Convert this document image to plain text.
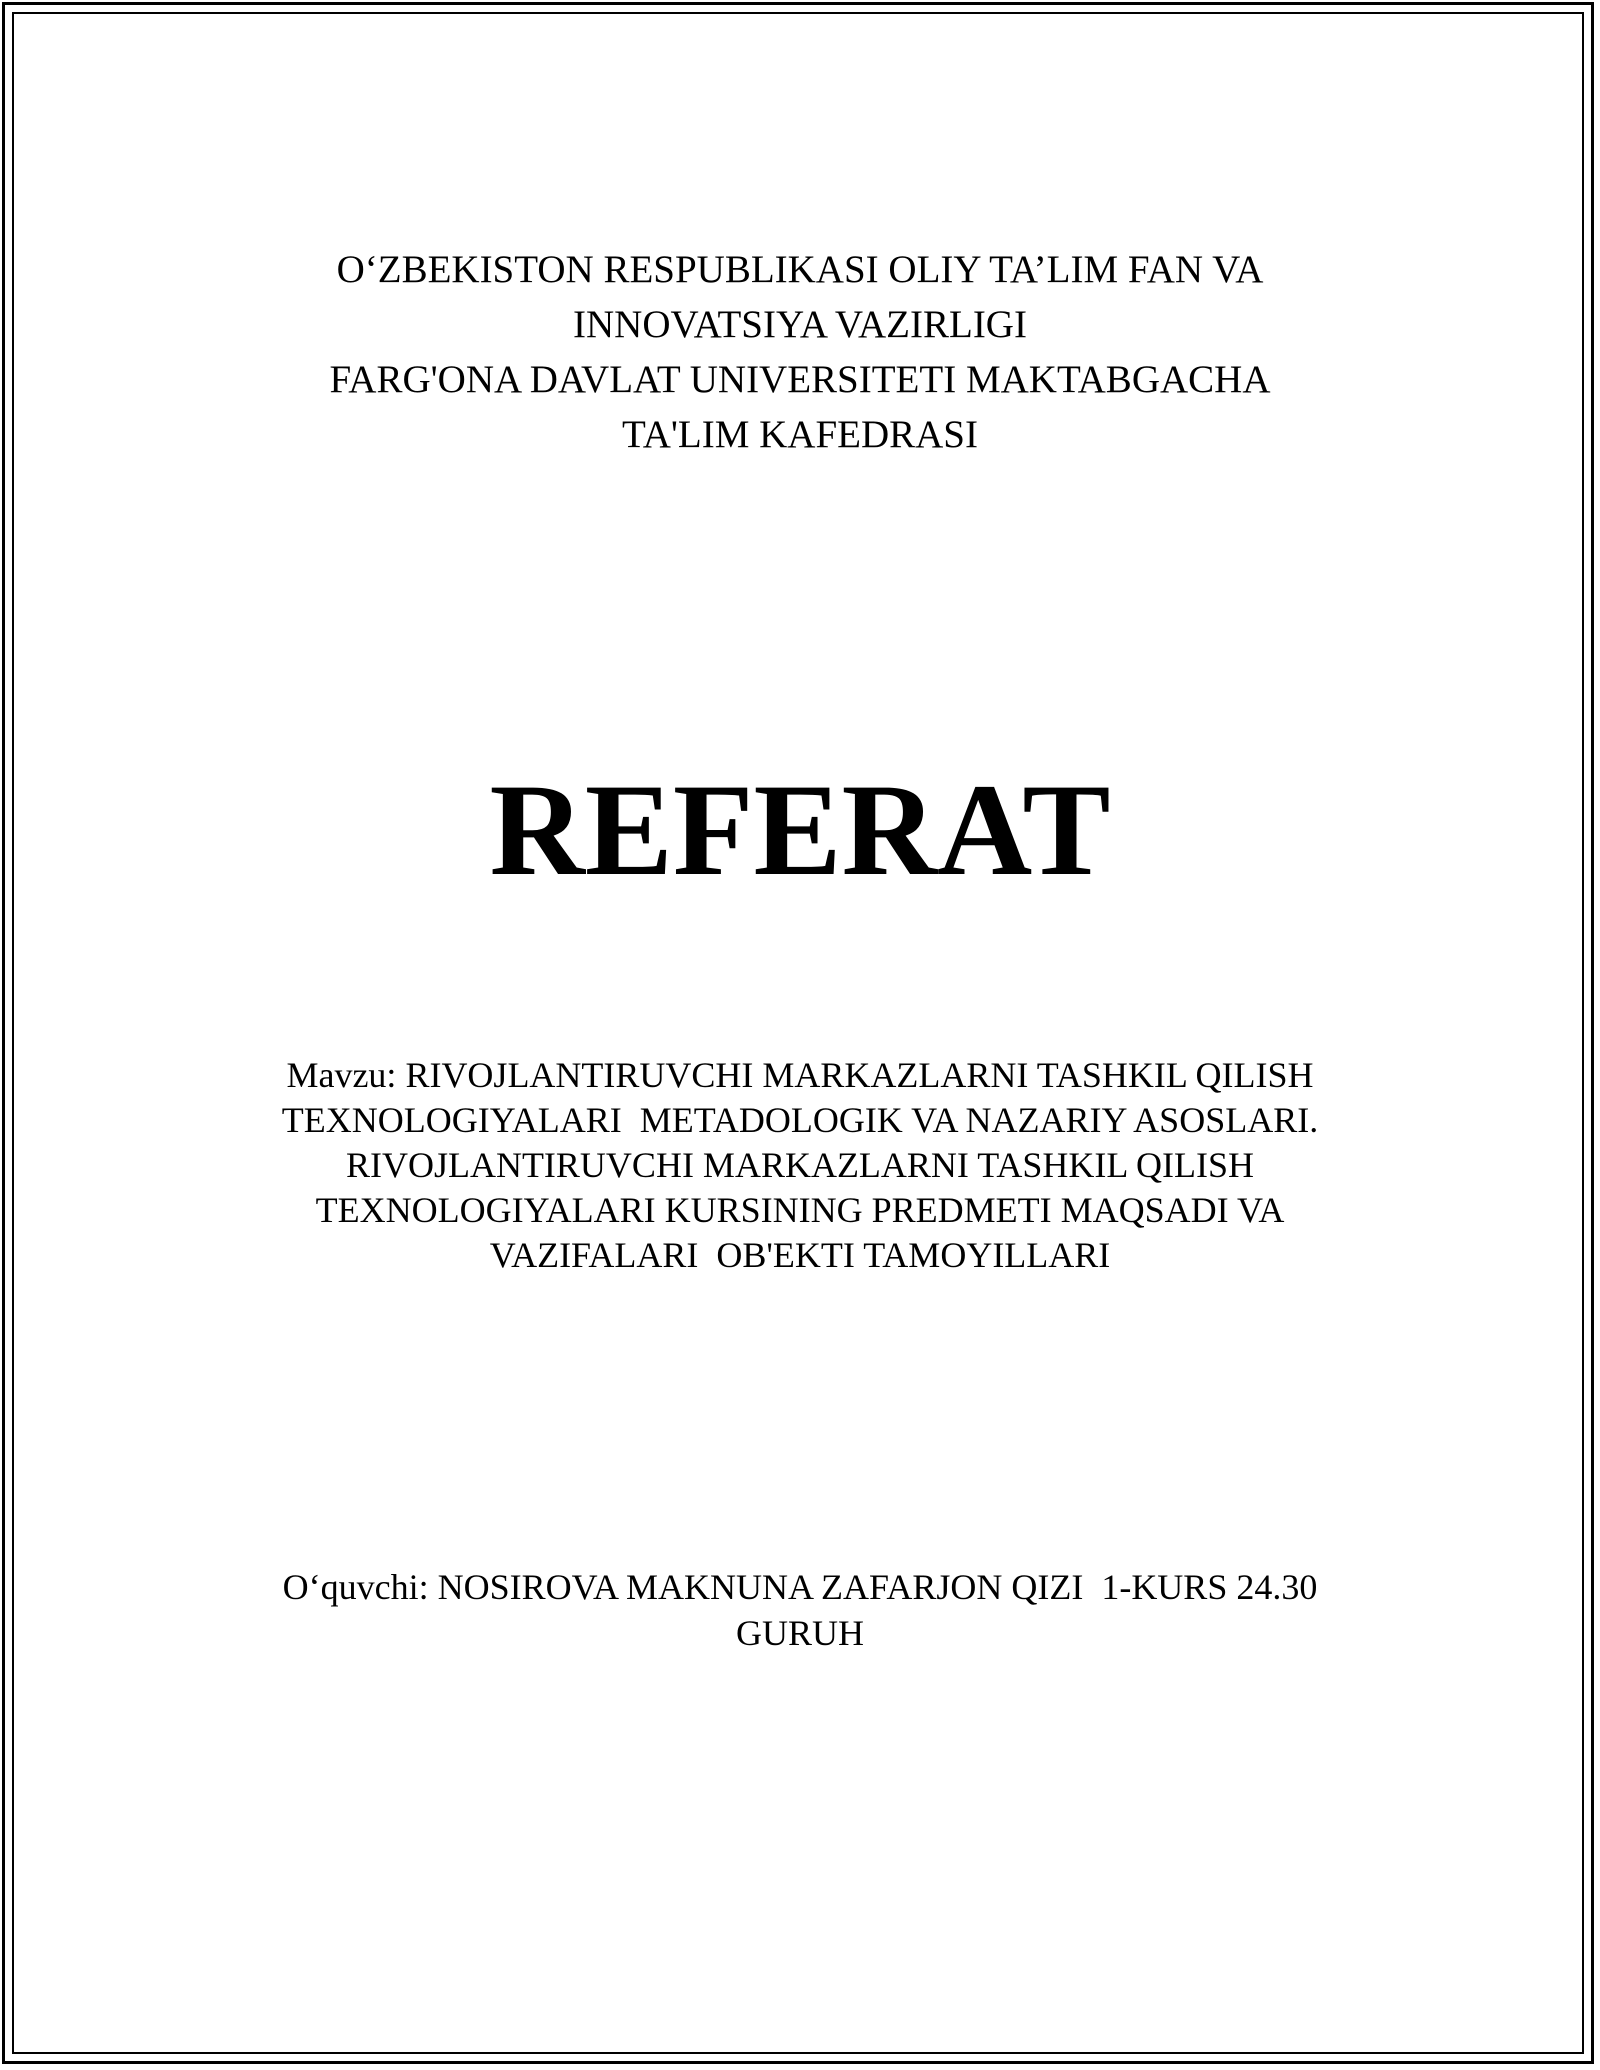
O‘ZBEKISTON RESPUBLIKASI OLIY TA’LIM FAN VA
INNOVATSIYA VAZIRLIGI
FARG'ONA DAVLAT UNIVERSITETI MAKTABGACHA
TA'LIM KAFEDRASI
REFERAT
Mavzu: RIVOJLANTIRUVCHI MARKAZLARNI TASHKIL QILISH
TEXNOLOGIYALARI  METADOLOGIK VA NAZARIY ASOSLARI.
RIVOJLANTIRUVCHI MARKAZLARNI TASHKIL QILISH
TEXNOLOGIYALARI KURSINING PREDMETI MAQSADI VA
VAZIFALARI  OB'EKTI TAMOYILLARI
O‘quvchi: NOSIROVA MAKNUNA ZAFARJON QIZI  1-KURS 24.30
GURUH
